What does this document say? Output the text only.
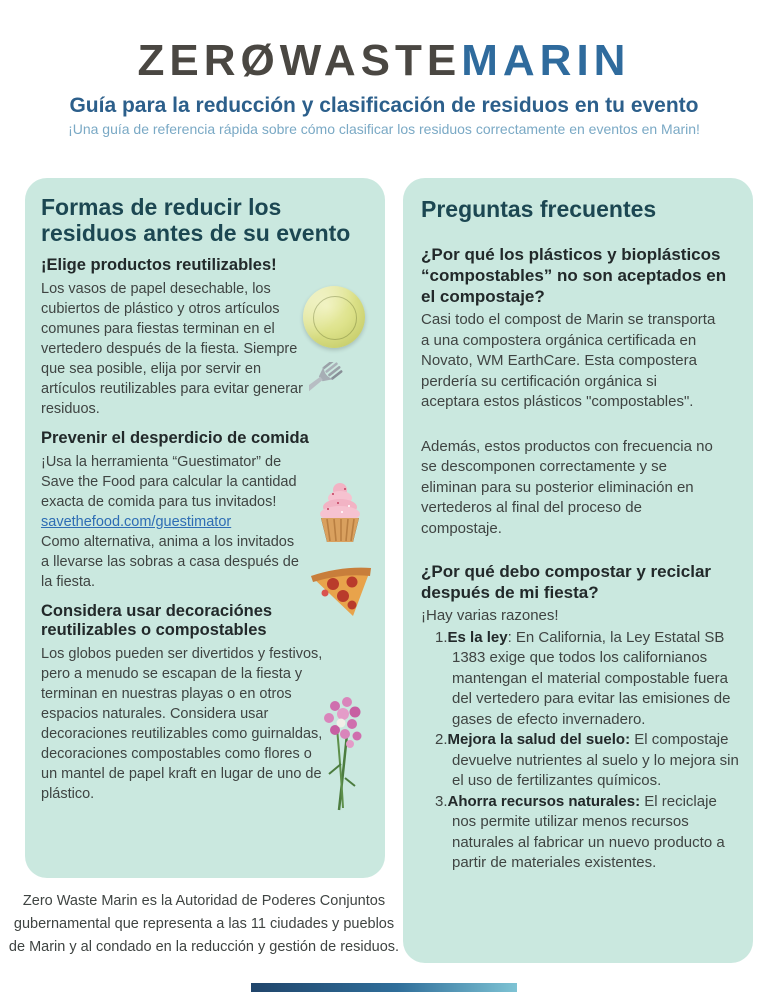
ZERØWASTEMARIN
Guía para la reducción y clasificación de residuos en tu evento

¡Una guía de referencia rápida sobre cómo clasificar los residuos correctamente en eventos en Marin!

Formas de reducir los residuos antes de su evento
¡Elige productos reutilizables!

Los vasos de papel desechable, los cubiertos de plástico y otros artículos comunes para fiestas terminan en el vertedero después de la fiesta. Siempre que sea posible, elija por servir en artículos reutilizables para evitar generar residuos.

Prevenir el desperdicio de comida

¡Usa la herramienta “Guestimator” de Save the Food para calcular la cantidad exacta de comida para tus invitados!

savethefood.com/guestimator

Como alternativa, anima a los invitados a llevarse las sobras a casa después de la fiesta.

Considera usar decoraciónes reutilizables o compostables

Los globos pueden ser divertidos y festivos, pero a menudo se escapan de la fiesta y terminan en nuestras playas o en otros espacios naturales. Considera usar decoraciones reutilizables como guirnaldas, decoraciones compostables como flores o un mantel de papel kraft en lugar de uno de plástico.

Preguntas frecuentes
¿Por qué los plásticos y bioplásticos “compostables” no son aceptados en el compostaje?

Casi todo el compost de Marin se transporta a una compostera orgánica certificada en Novato, WM EarthCare. Esta compostera perdería su certificación orgánica si aceptara estos plásticos "compostables".

Además, estos productos con frecuencia no se descomponen correctamente y se eliminan para su posterior eliminación en vertederos al final del proceso de compostaje.

¿Por qué debo compostar y reciclar después de mi fiesta?

¡Hay varias razones!

1.Es la ley: En California, la Ley Estatal SB 1383 exige que todos los californianos mantengan el material compostable fuera del vertedero para evitar las emisiones de gases de efecto invernadero.
2.Mejora la salud del suelo: El compostaje devuelve nutrientes al suelo y lo mejora sin el uso de fertilizantes químicos.
3.Ahorra recursos naturales: El reciclaje nos permite utilizar menos recursos naturales al fabricar un nuevo producto a partir de materiales existentes.
Zero Waste Marin es la Autoridad de Poderes Conjuntos gubernamental que representa a las 11 ciudades y pueblos de Marin y al condado en la reducción y gestión de residuos.
